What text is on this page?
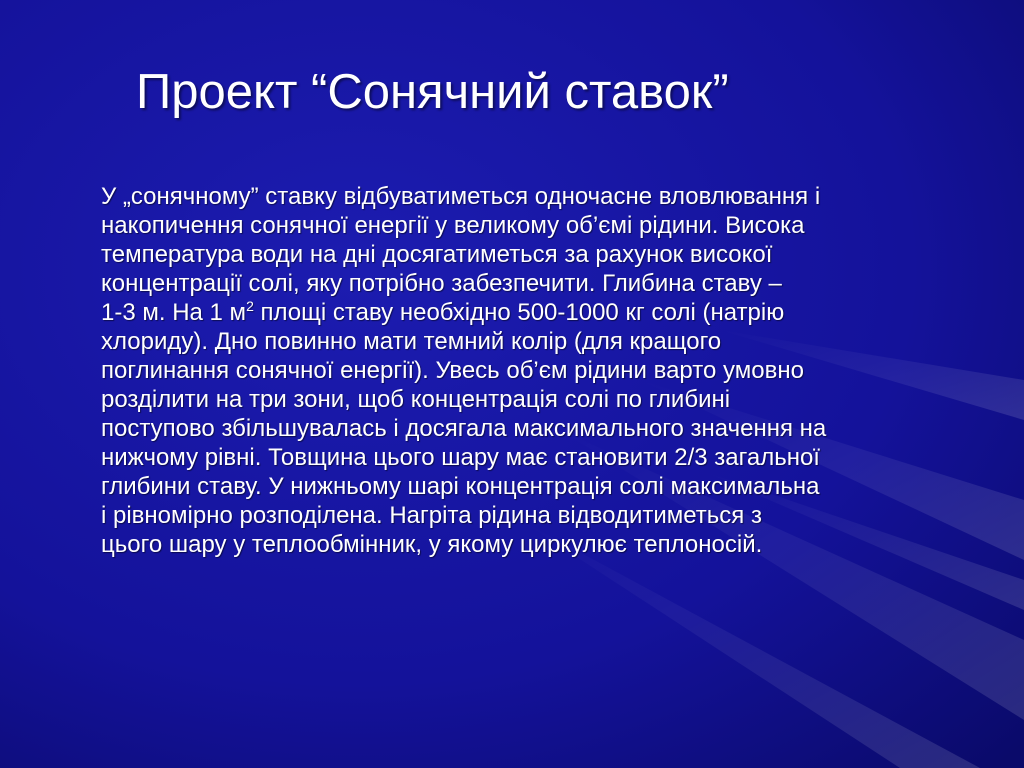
Проект “Сонячний ставок”

У „сонячному” ставку відбуватиметься одночасне вловлювання і
накопичення сонячної енергії у великому об’ємі рідини. Висока
температура води на дні досягатиметься за рахунок високої
концентрації солі, яку потрібно забезпечити. Глибина ставу –

1-3 м. На 1 $м^2$ площі ставу необхідно 500-1000 кг солі (натрію
хлориду). Дно повинно мати темний колір (для кращого
поглинання сонячної енергії). Увесь об’єм рідини варто умовно
розділити на три зони, щоб концентрація солі по глибині
поступово збільшувалась і досягала максимального значення на
нижчому рівні. Товщина цього шару має становити 2/3 загальної
глибини ставу. У нижньому шарі концентрація солі максимальна
і рівномірно розподілена. Нагріта рідина відводитиметься з
цього шару у теплообмінник, у якому циркулює теплоносій.
